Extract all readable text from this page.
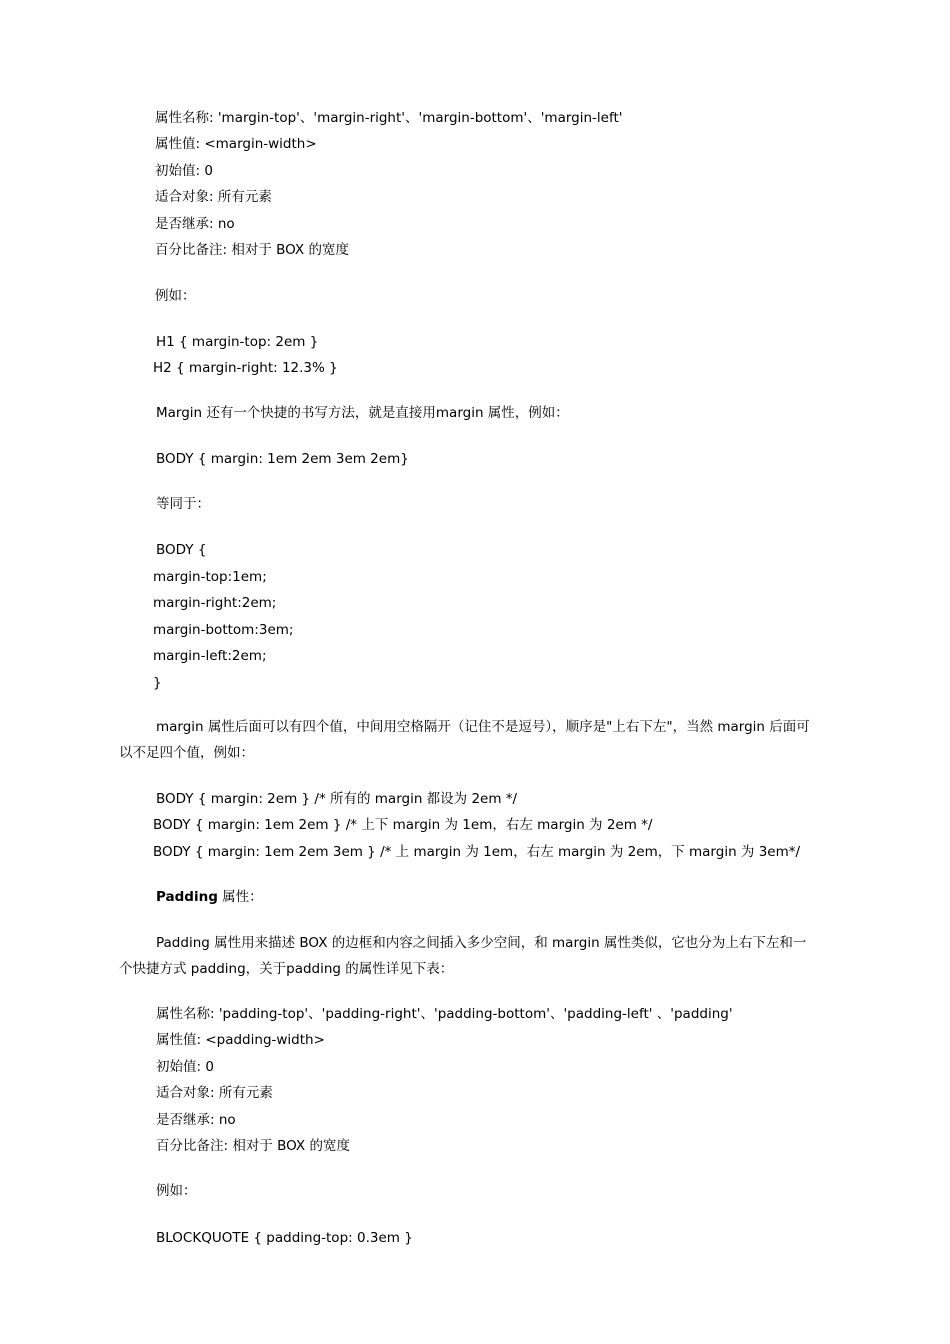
属性名称: 'margin-top'、'margin-right'、'margin-bottom'、'margin-left'
属性值: <margin-width>
初始值: 0
适合对象: 所有元素
是否继承: no
百分比备注: 相对于 BOX 的宽度
例如：
H1 { margin-top: 2em }
H2 { margin-right: 12.3% }
Margin 还有一个快捷的书写方法，就是直接用margin 属性，例如：
BODY { margin: 1em 2em 3em 2em}
等同于：
BODY {
margin-top:1em;
margin-right:2em;
margin-bottom:3em;
margin-left:2em;
}
margin 属性后面可以有四个值，中间用空格隔开（记住不是逗号），顺序是"上右下左"，当然 margin 后面可
以不足四个值，例如：
BODY { margin: 2em } /* 所有的 margin 都设为 2em */
BODY { margin: 1em 2em } /* 上下 margin 为 1em，右左 margin 为 2em */
BODY { margin: 1em 2em 3em } /* 上 margin 为 1em，右左 margin 为 2em，下 margin 为 3em*/
Padding 属性：
Padding 属性用来描述 BOX 的边框和内容之间插入多少空间，和 margin 属性类似，它也分为上右下左和一
个快捷方式 padding，关于padding 的属性详见下表：
属性名称: 'padding-top'、'padding-right'、'padding-bottom'、'padding-left' 、'padding'
属性值: <padding-width>
初始值: 0
适合对象: 所有元素
是否继承: no
百分比备注: 相对于 BOX 的宽度
例如：
BLOCKQUOTE { padding-top: 0.3em }
